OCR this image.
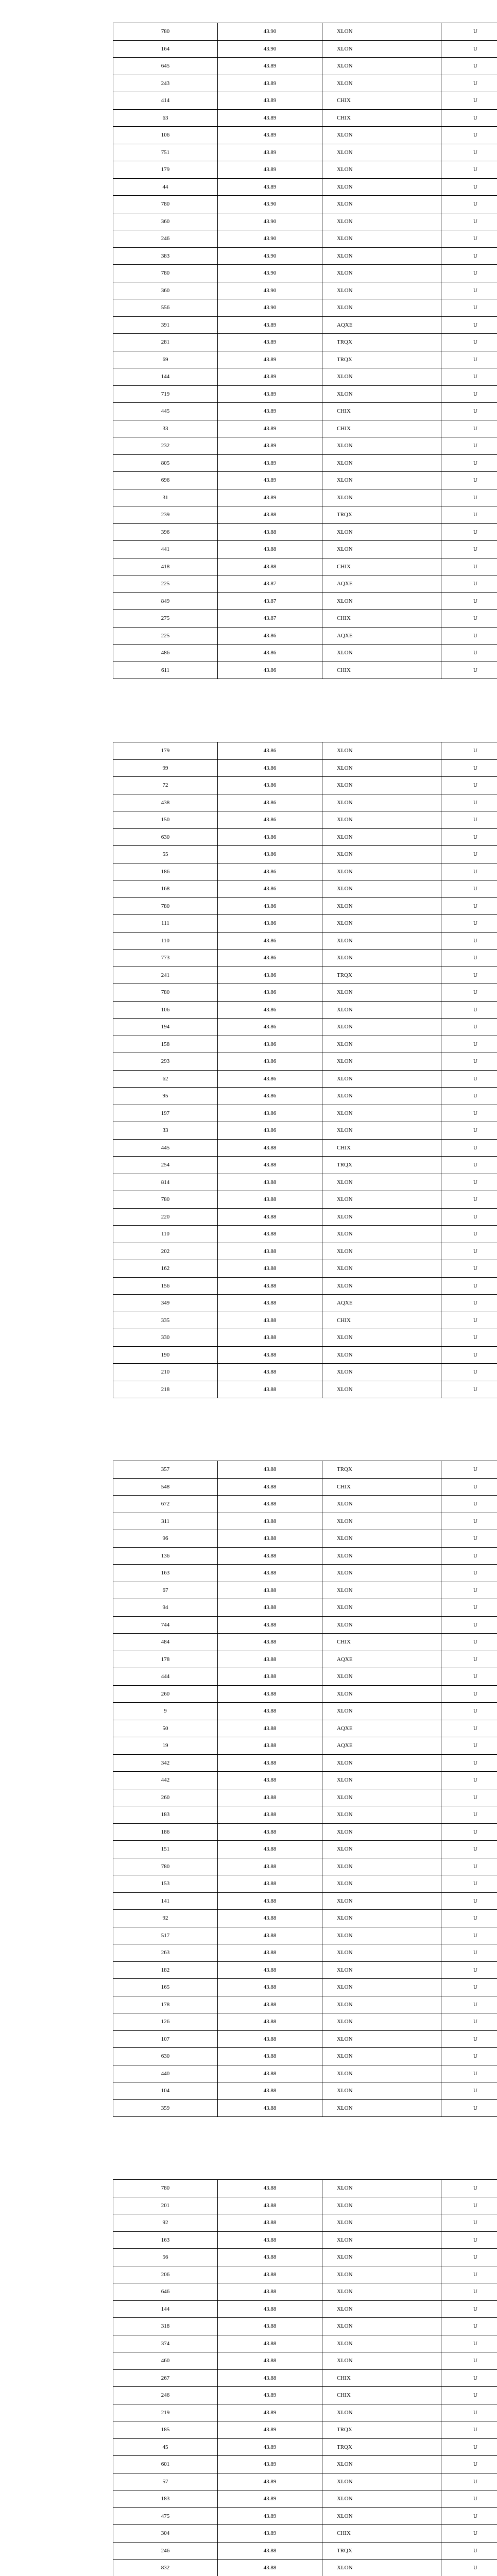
780	43.90	XLON	U
164	43.90	XLON	U
645	43.89	XLON	U
243	43.89	XLON	U
414	43.89	CHIX	U
63	43.89	CHIX	U
106	43.89	XLON	U
751	43.89	XLON	U
179	43.89	XLON	U
44	43.89	XLON	U
780	43.90	XLON	U
360	43.90	XLON	U
246	43.90	XLON	U
383	43.90	XLON	U
780	43.90	XLON	U
360	43.90	XLON	U
556	43.90	XLON	U
391	43.89	AQXE	U
281	43.89	TRQX	U
69	43.89	TRQX	U
144	43.89	XLON	U
719	43.89	XLON	U
445	43.89	CHIX	U
33	43.89	CHIX	U
232	43.89	XLON	U
805	43.89	XLON	U
696	43.89	XLON	U
31	43.89	XLON	U
239	43.88	TRQX	U
396	43.88	XLON	U
441	43.88	XLON	U
418	43.88	CHIX	U
225	43.87	AQXE	U
849	43.87	XLON	U
275	43.87	CHIX	U
225	43.86	AQXE	U
486	43.86	XLON	U
611	43.86	CHIX	U
179	43.86	XLON	U
99	43.86	XLON	U
72	43.86	XLON	U
438	43.86	XLON	U
150	43.86	XLON	U
630	43.86	XLON	U
55	43.86	XLON	U
186	43.86	XLON	U
168	43.86	XLON	U
780	43.86	XLON	U
111	43.86	XLON	U
110	43.86	XLON	U
773	43.86	XLON	U
241	43.86	TRQX	U
780	43.86	XLON	U
106	43.86	XLON	U
194	43.86	XLON	U
158	43.86	XLON	U
293	43.86	XLON	U
62	43.86	XLON	U
95	43.86	XLON	U
197	43.86	XLON	U
33	43.86	XLON	U
445	43.88	CHIX	U
254	43.88	TRQX	U
814	43.88	XLON	U
780	43.88	XLON	U
220	43.88	XLON	U
110	43.88	XLON	U
202	43.88	XLON	U
162	43.88	XLON	U
156	43.88	XLON	U
349	43.88	AQXE	U
335	43.88	CHIX	U
330	43.88	XLON	U
190	43.88	XLON	U
210	43.88	XLON	U
218	43.88	XLON	U
357	43.88	TRQX	U
548	43.88	CHIX	U
672	43.88	XLON	U
311	43.88	XLON	U
96	43.88	XLON	U
136	43.88	XLON	U
163	43.88	XLON	U
67	43.88	XLON	U
94	43.88	XLON	U
744	43.88	XLON	U
484	43.88	CHIX	U
178	43.88	AQXE	U
444	43.88	XLON	U
260	43.88	XLON	U
9	43.88	XLON	U
50	43.88	AQXE	U
19	43.88	AQXE	U
342	43.88	XLON	U
442	43.88	XLON	U
260	43.88	XLON	U
183	43.88	XLON	U
186	43.88	XLON	U
151	43.88	XLON	U
780	43.88	XLON	U
153	43.88	XLON	U
141	43.88	XLON	U
92	43.88	XLON	U
517	43.88	XLON	U
263	43.88	XLON	U
182	43.88	XLON	U
165	43.88	XLON	U
178	43.88	XLON	U
126	43.88	XLON	U
107	43.88	XLON	U
630	43.88	XLON	U
440	43.88	XLON	U
104	43.88	XLON	U
359	43.88	XLON	U
780	43.88	XLON	U
201	43.88	XLON	U
92	43.88	XLON	U
163	43.88	XLON	U
56	43.88	XLON	U
206	43.88	XLON	U
646	43.88	XLON	U
144	43.88	XLON	U
318	43.88	XLON	U
374	43.88	XLON	U
460	43.88	XLON	U
267	43.88	CHIX	U
246	43.89	CHIX	U
219	43.89	XLON	U
185	43.89	TRQX	U
45	43.89	TRQX	U
601	43.89	XLON	U
57	43.89	XLON	U
183	43.89	XLON	U
475	43.89	XLON	U
304	43.89	CHIX	U
246	43.88	TRQX	U
832	43.88	XLON	U
